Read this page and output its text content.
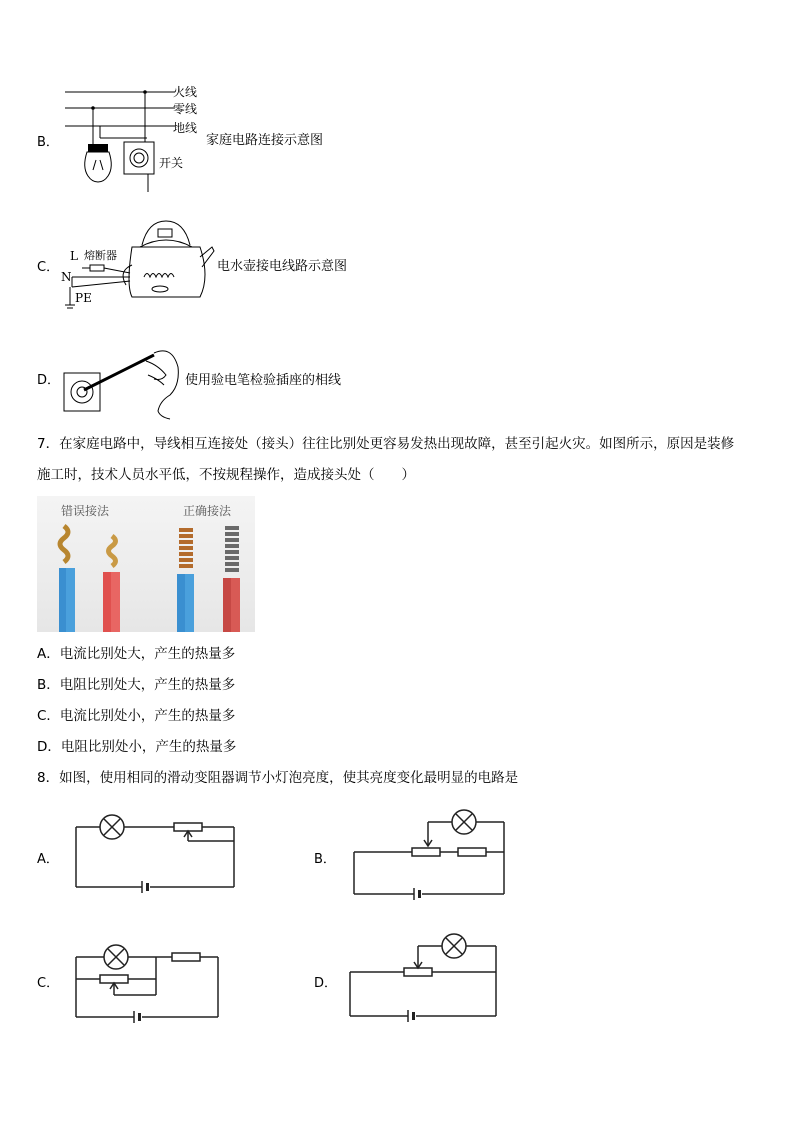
B．
火线
零线
地线
开关
家庭电路连接示意图
C．
L
N
PE
熔断器
电水壶接电线路示意图
D．	使用验电笔检验插座的相线
7．在家庭电路中，导线相互连接处（接头）往往比别处更容易发热出现故障，甚至引起火灾。如图所示，原因是装修
施工时，技术人员水平低，不按规程操作，造成接头处（　　）
错误接法	正确接法
A．电流比别处大，产生的热量多
B．电阻比别处大，产生的热量多
C．电流比别处小，产生的热量多
D．电阻比别处小，产生的热量多
8．如图，使用相同的滑动变阻器调节小灯泡亮度，使其亮度变化最明显的电路是
A．	B．
C．	D．
